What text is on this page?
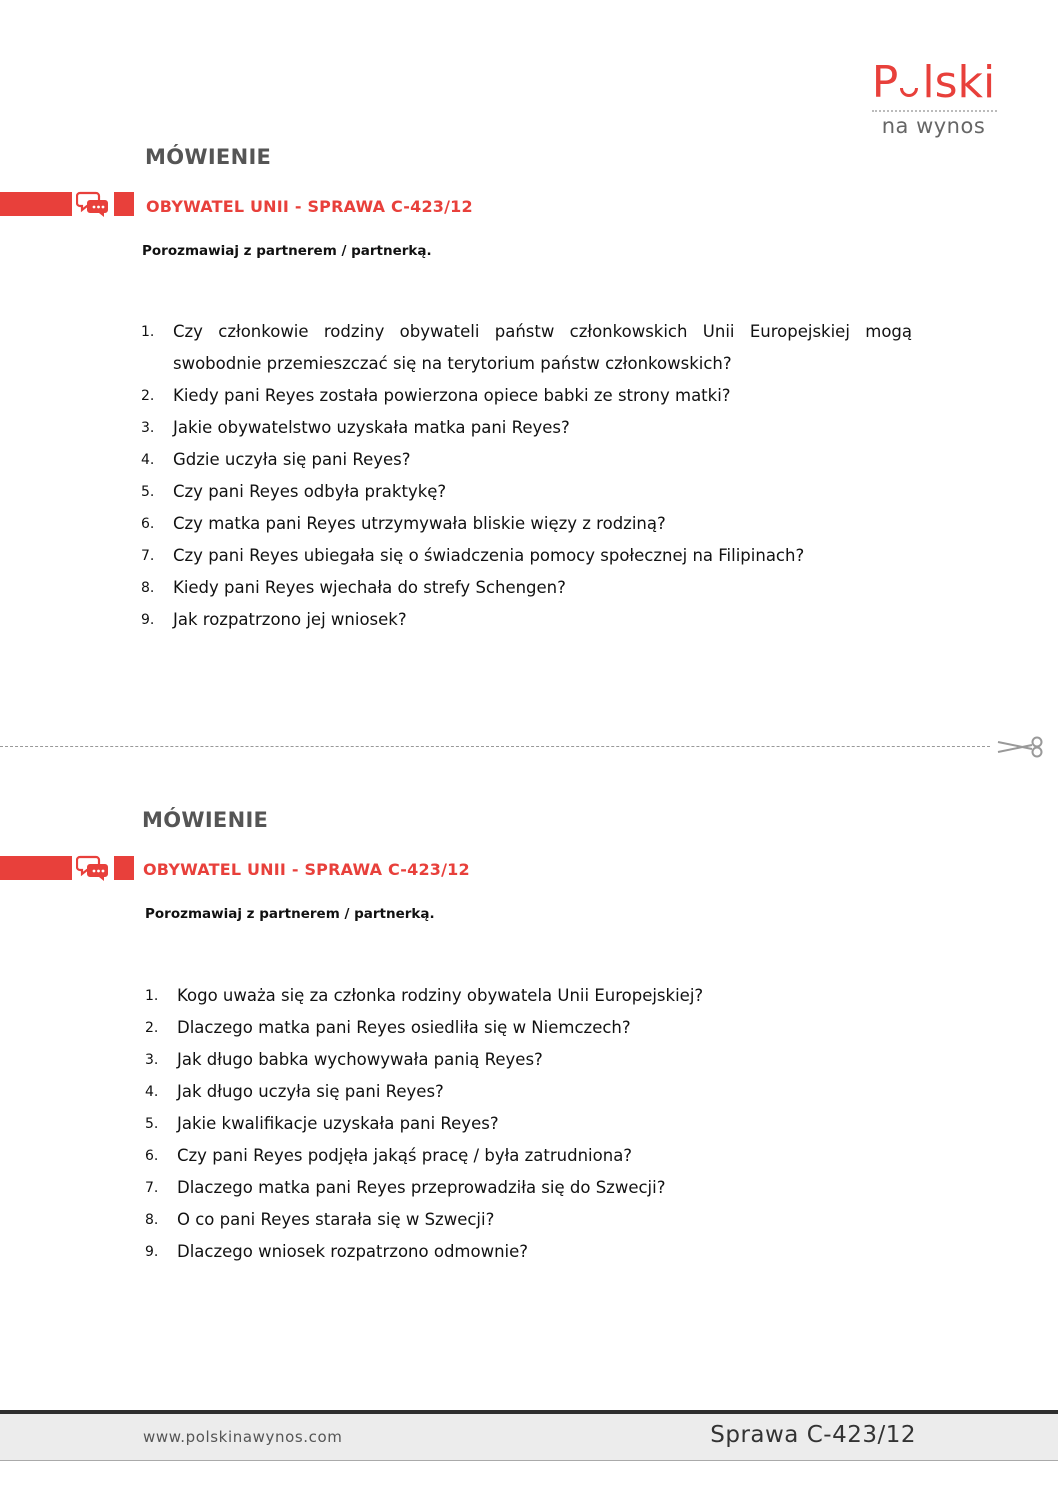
P lski
na wynos
MÓWIENIE
OBYWATEL UNII - SPRAWA C-423/12
Porozmawiaj z partnerem / partnerką.
1. Czy członkowie rodziny obywateli państw członkowskich Unii Europejskiej mogą swobodnie przemieszczać się na terytorium państw członkowskich?
2. Kiedy pani Reyes została powierzona opiece babki ze strony matki?
3. Jakie obywatelstwo uzyskała matka pani Reyes?
4. Gdzie uczyła się pani Reyes?
5. Czy pani Reyes odbyła praktykę?
6. Czy matka pani Reyes utrzymywała bliskie więzy z rodziną?
7. Czy pani Reyes ubiegała się o świadczenia pomocy społecznej na Filipinach?
8. Kiedy pani Reyes wjechała do strefy Schengen?
9. Jak rozpatrzono jej wniosek?
MÓWIENIE
OBYWATEL UNII - SPRAWA C-423/12
Porozmawiaj z partnerem / partnerką.
1. Kogo uważa się za członka rodziny obywatela Unii Europejskiej?
2. Dlaczego matka pani Reyes osiedliła się w Niemczech?
3. Jak długo babka wychowywała panią Reyes?
4. Jak długo uczyła się pani Reyes?
5. Jakie kwalifikacje uzyskała pani Reyes?
6. Czy pani Reyes podjęła jakąś pracę / była zatrudniona?
7. Dlaczego matka pani Reyes przeprowadziła się do Szwecji?
8. O co pani Reyes starała się w Szwecji?
9. Dlaczego wniosek rozpatrzono odmownie?
www.polskinawynos.com	Sprawa C-423/12
